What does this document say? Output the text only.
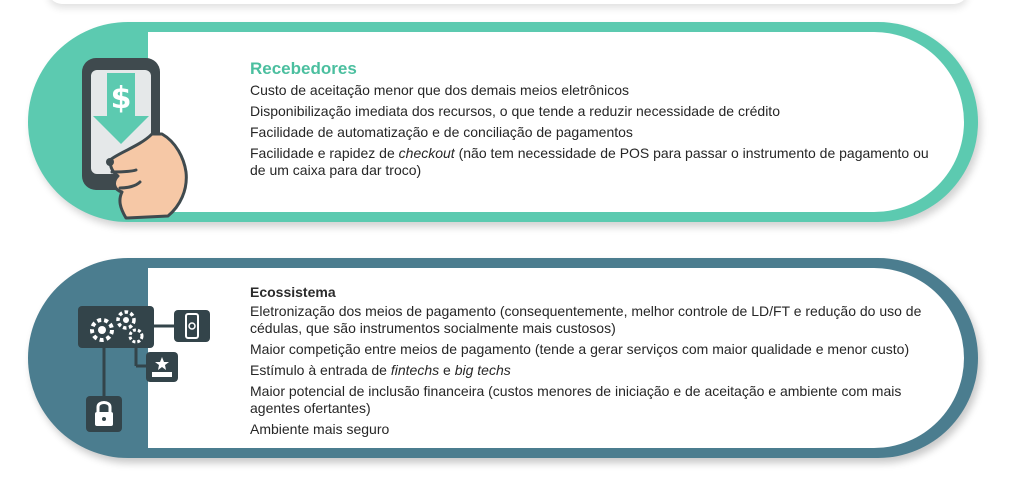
$
Recebedores
Custo de aceitação menor que dos demais meios eletrônicos
Disponibilização imediata dos recursos, o que tende a reduzir necessidade de crédito
Facilidade de automatização e de conciliação de pagamentos
Facilidade e rapidez de checkout (não tem necessidade de POS para passar o instrumento de pagamento ou de um caixa para dar troco)
Ecossistema
Eletronização dos meios de pagamento (consequentemente, melhor controle de LD/FT e redução do uso de cédulas, que são instrumentos socialmente mais custosos)
Maior competição entre meios de pagamento (tende a gerar serviços com maior qualidade e menor custo)
Estímulo à entrada de fintechs e big techs
Maior potencial de inclusão financeira (custos menores de iniciação e de aceitação e ambiente com mais agentes ofertantes)
Ambiente mais seguro
